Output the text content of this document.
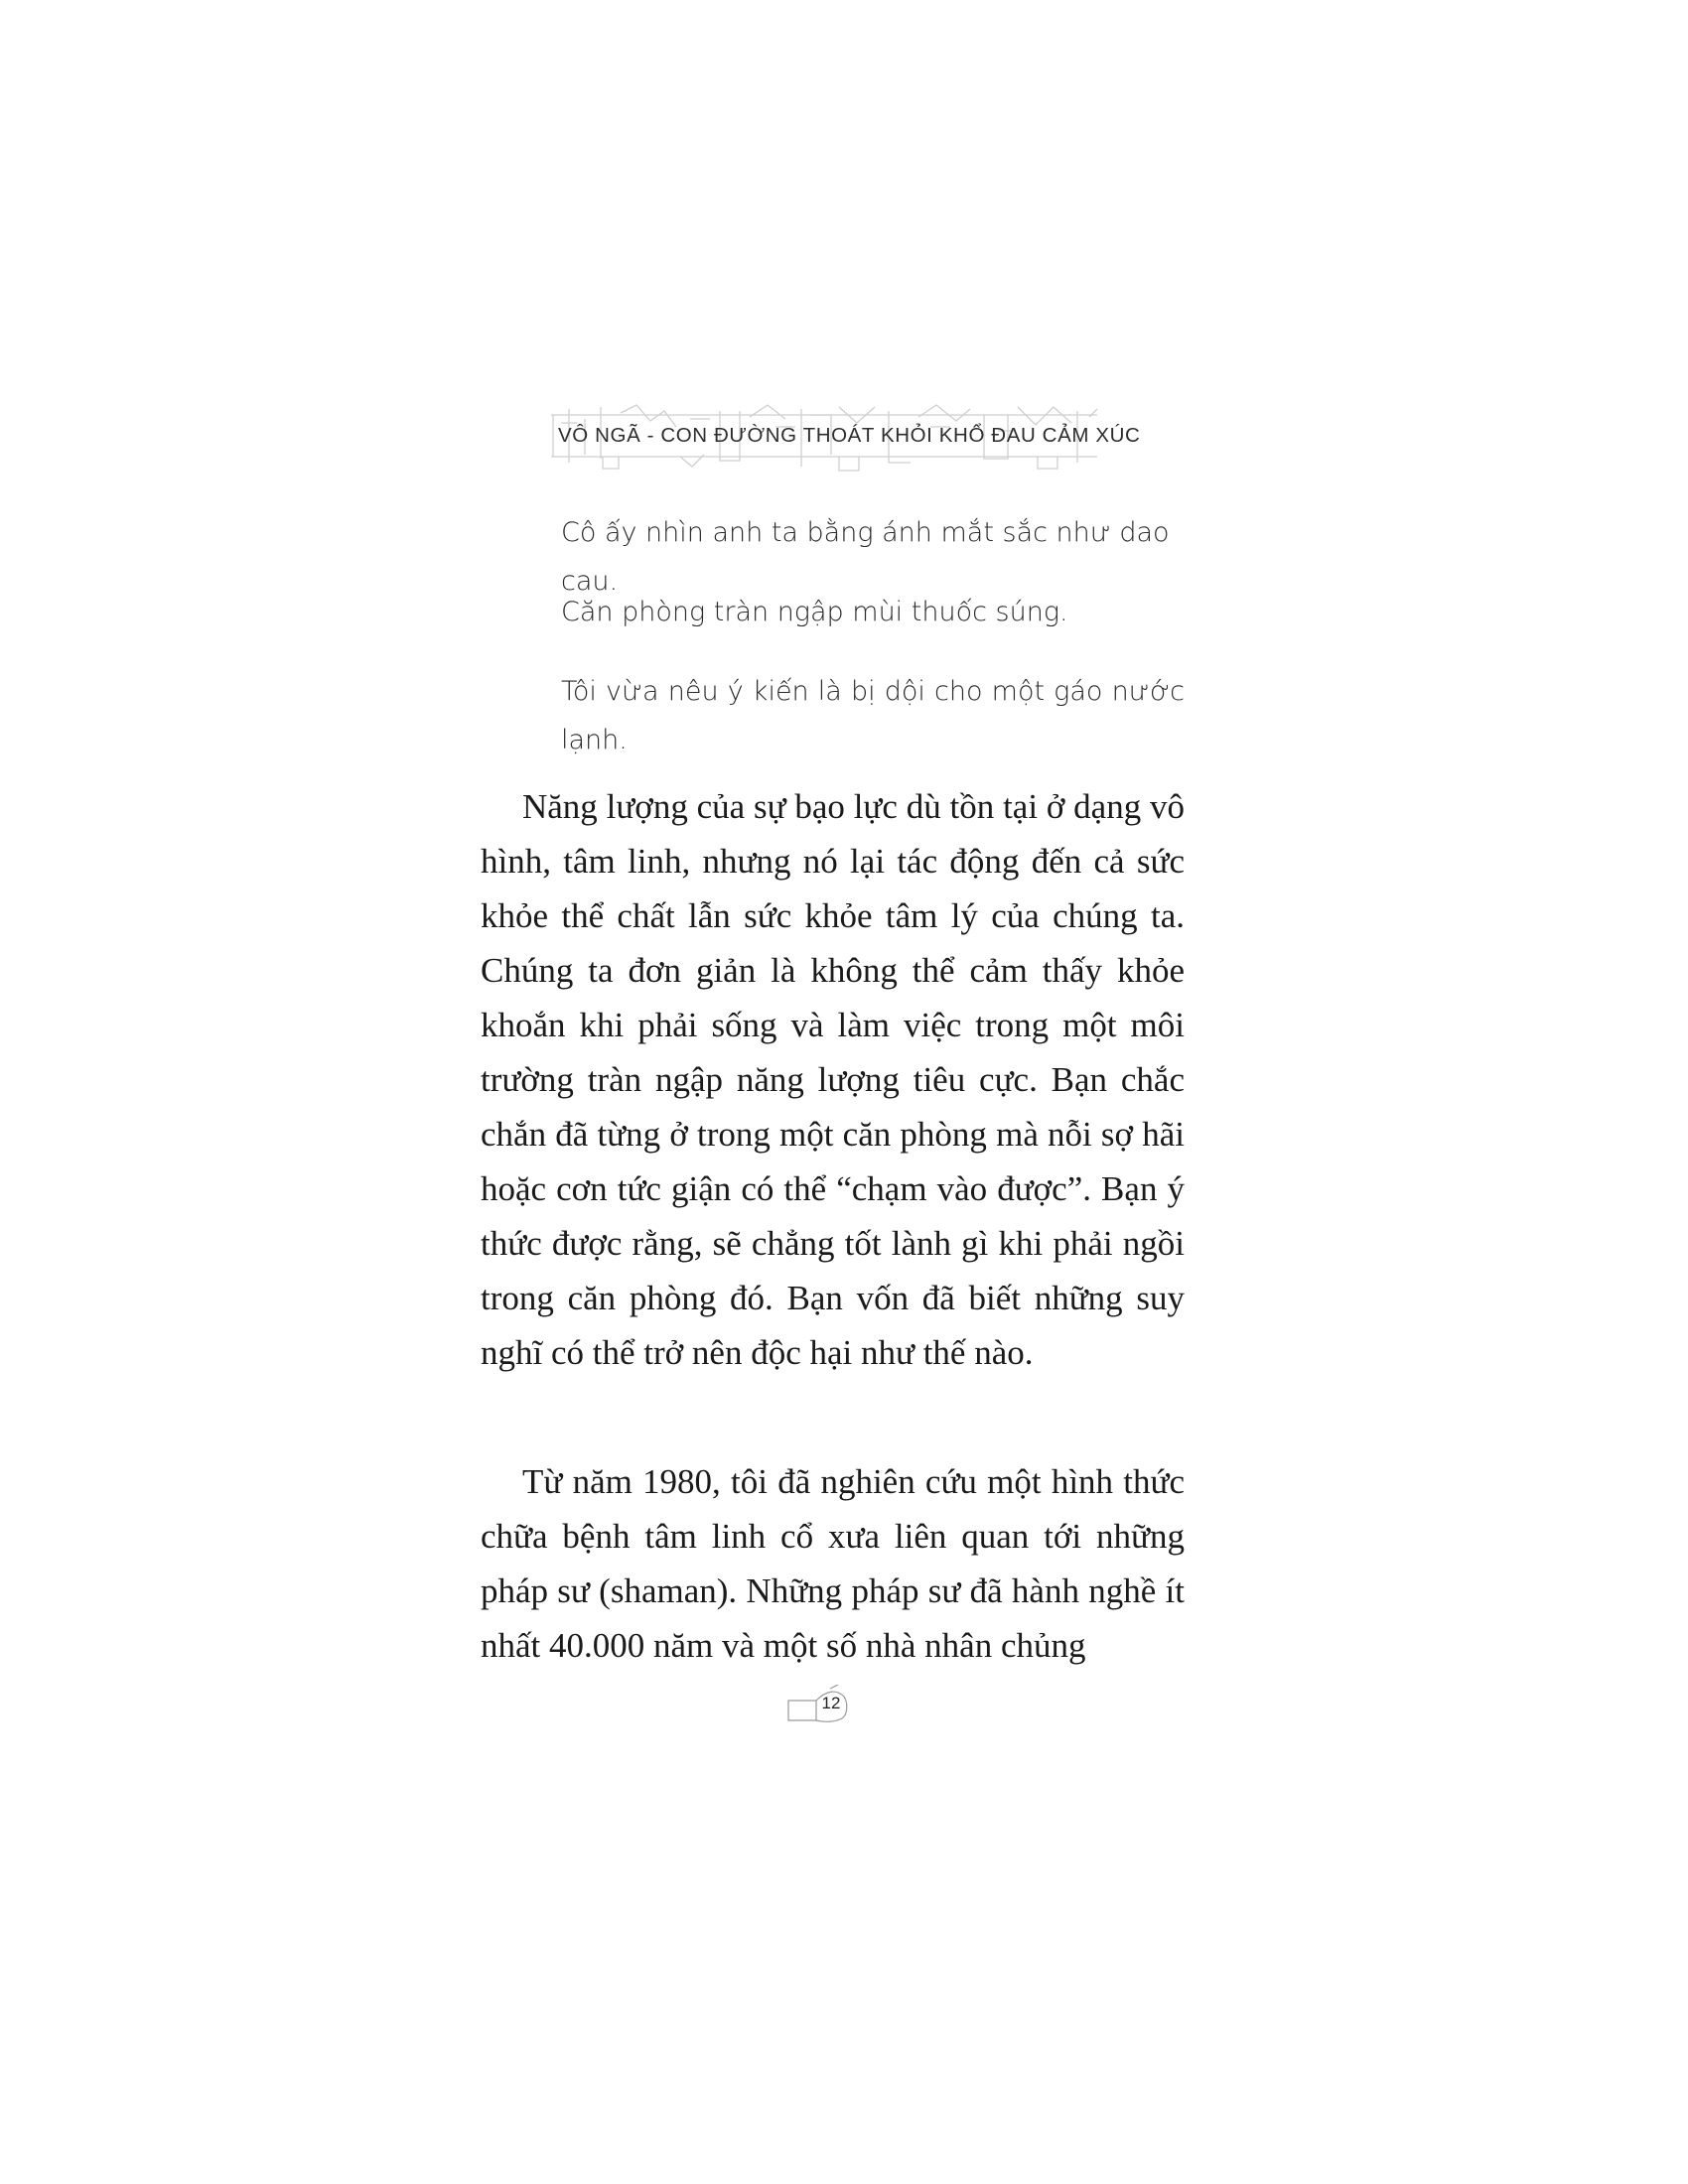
VÔ NGÃ - CON ĐƯỜNG THOÁT KHỎI KHỔ ĐAU CẢM XÚC
Cô ấy nhìn anh ta bằng ánh mắt sắc như dao cau.
Căn phòng tràn ngập mùi thuốc súng.
Tôi vừa nêu ý kiến là bị dội cho một gáo nước lạnh.

Năng lượng của sự bạo lực dù tồn tại ở dạng vô hình, tâm linh, nhưng nó lại tác động đến cả sức khỏe thể chất lẫn sức khỏe tâm lý của chúng ta. Chúng ta đơn giản là không thể cảm thấy khỏe khoắn khi phải sống và làm việc trong một môi trường tràn ngập năng lượng tiêu cực. Bạn chắc chắn đã từng ở trong một căn phòng mà nỗi sợ hãi hoặc cơn tức giận có thể “chạm vào được”. Bạn ý thức được rằng, sẽ chẳng tốt lành gì khi phải ngồi trong căn phòng đó. Bạn vốn đã biết những suy nghĩ có thể trở nên độc hại như thế nào.

Từ năm 1980, tôi đã nghiên cứu một hình thức chữa bệnh tâm linh cổ xưa liên quan tới những pháp sư (shaman). Những pháp sư đã hành nghề ít nhất 40.000 năm và một số nhà nhân chủng

12
